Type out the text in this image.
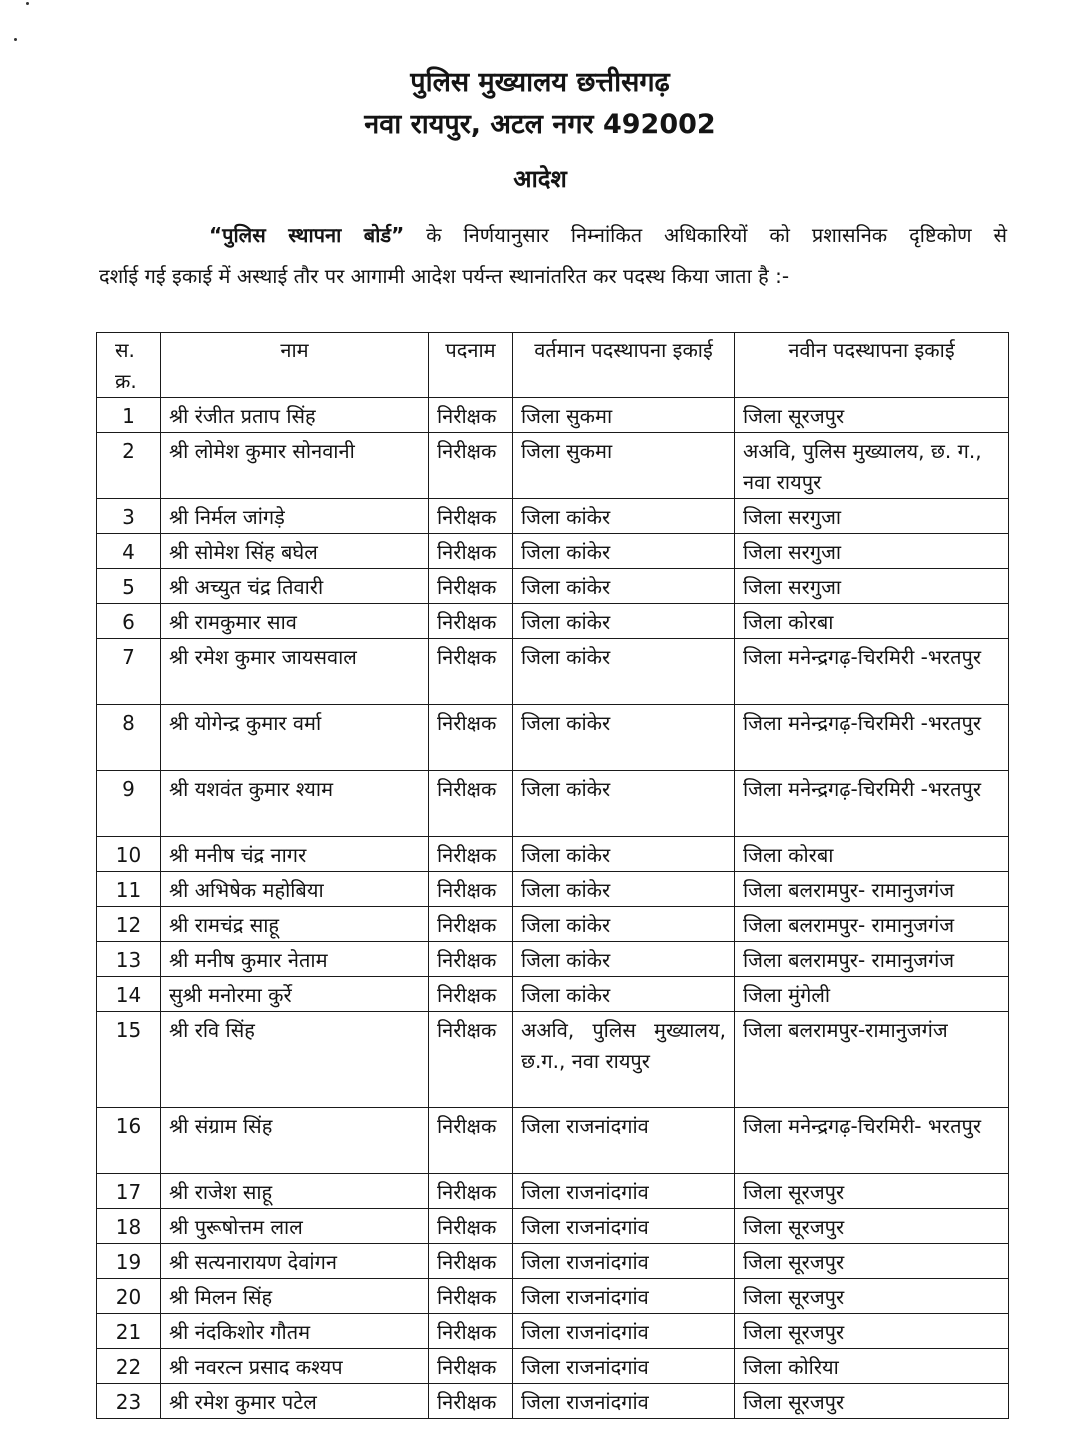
पुलिस मुख्यालय छत्तीसगढ़
नवा रायपुर, अटल नगर 492002
आदेश
“पुलिस स्थापना बोर्ड” के निर्णयानुसार निम्नांकित अधिकारियों को प्रशासनिक दृष्टिकोण से
दर्शाई गई इकाई में अस्थाई तौर पर आगामी आदेश पर्यन्त स्थानांतरित कर पदस्थ किया जाता है :-
स. क्र.	नाम	पदनाम	वर्तमान पदस्थापना इकाई	नवीन पदस्थापना इकाई
1	श्री रंजीत प्रताप सिंह	निरीक्षक	जिला सुकमा	जिला सूरजपुर
2	श्री लोमेश कुमार सोनवानी	निरीक्षक	जिला सुकमा	अअवि, पुलिस मुख्यालय, छ. ग., नवा रायपुर
3	श्री निर्मल जांगड़े	निरीक्षक	जिला कांकेर	जिला सरगुजा
4	श्री सोमेश सिंह बघेल	निरीक्षक	जिला कांकेर	जिला सरगुजा
5	श्री अच्युत चंद्र तिवारी	निरीक्षक	जिला कांकेर	जिला सरगुजा
6	श्री रामकुमार साव	निरीक्षक	जिला कांकेर	जिला कोरबा
7	श्री रमेश कुमार जायसवाल	निरीक्षक	जिला कांकेर	जिला मनेन्द्रगढ़-चिरमिरी -भरतपुर
8	श्री योगेन्द्र कुमार वर्मा	निरीक्षक	जिला कांकेर	जिला मनेन्द्रगढ़-चिरमिरी -भरतपुर
9	श्री यशवंत कुमार श्याम	निरीक्षक	जिला कांकेर	जिला मनेन्द्रगढ़-चिरमिरी -भरतपुर
10	श्री मनीष चंद्र नागर	निरीक्षक	जिला कांकेर	जिला कोरबा
11	श्री अभिषेक महोबिया	निरीक्षक	जिला कांकेर	जिला बलरामपुर- रामानुजगंज
12	श्री रामचंद्र साहू	निरीक्षक	जिला कांकेर	जिला बलरामपुर- रामानुजगंज
13	श्री मनीष कुमार नेताम	निरीक्षक	जिला कांकेर	जिला बलरामपुर- रामानुजगंज
14	सुश्री मनोरमा कुर्रे	निरीक्षक	जिला कांकेर	जिला मुंगेली
15	श्री रवि सिंह	निरीक्षक	अअवि, पुलिस मुख्यालय, छ.ग., नवा रायपुर	जिला बलरामपुर-रामानुजगंज
16	श्री संग्राम सिंह	निरीक्षक	जिला राजनांदगांव	जिला मनेन्द्रगढ़-चिरमिरी- भरतपुर
17	श्री राजेश साहू	निरीक्षक	जिला राजनांदगांव	जिला सूरजपुर
18	श्री पुरूषोत्तम लाल	निरीक्षक	जिला राजनांदगांव	जिला सूरजपुर
19	श्री सत्यनारायण देवांगन	निरीक्षक	जिला राजनांदगांव	जिला सूरजपुर
20	श्री मिलन सिंह	निरीक्षक	जिला राजनांदगांव	जिला सूरजपुर
21	श्री नंदकिशोर गौतम	निरीक्षक	जिला राजनांदगांव	जिला सूरजपुर
22	श्री नवरत्न प्रसाद कश्यप	निरीक्षक	जिला राजनांदगांव	जिला कोरिया
23	श्री रमेश कुमार पटेल	निरीक्षक	जिला राजनांदगांव	जिला सूरजपुर
